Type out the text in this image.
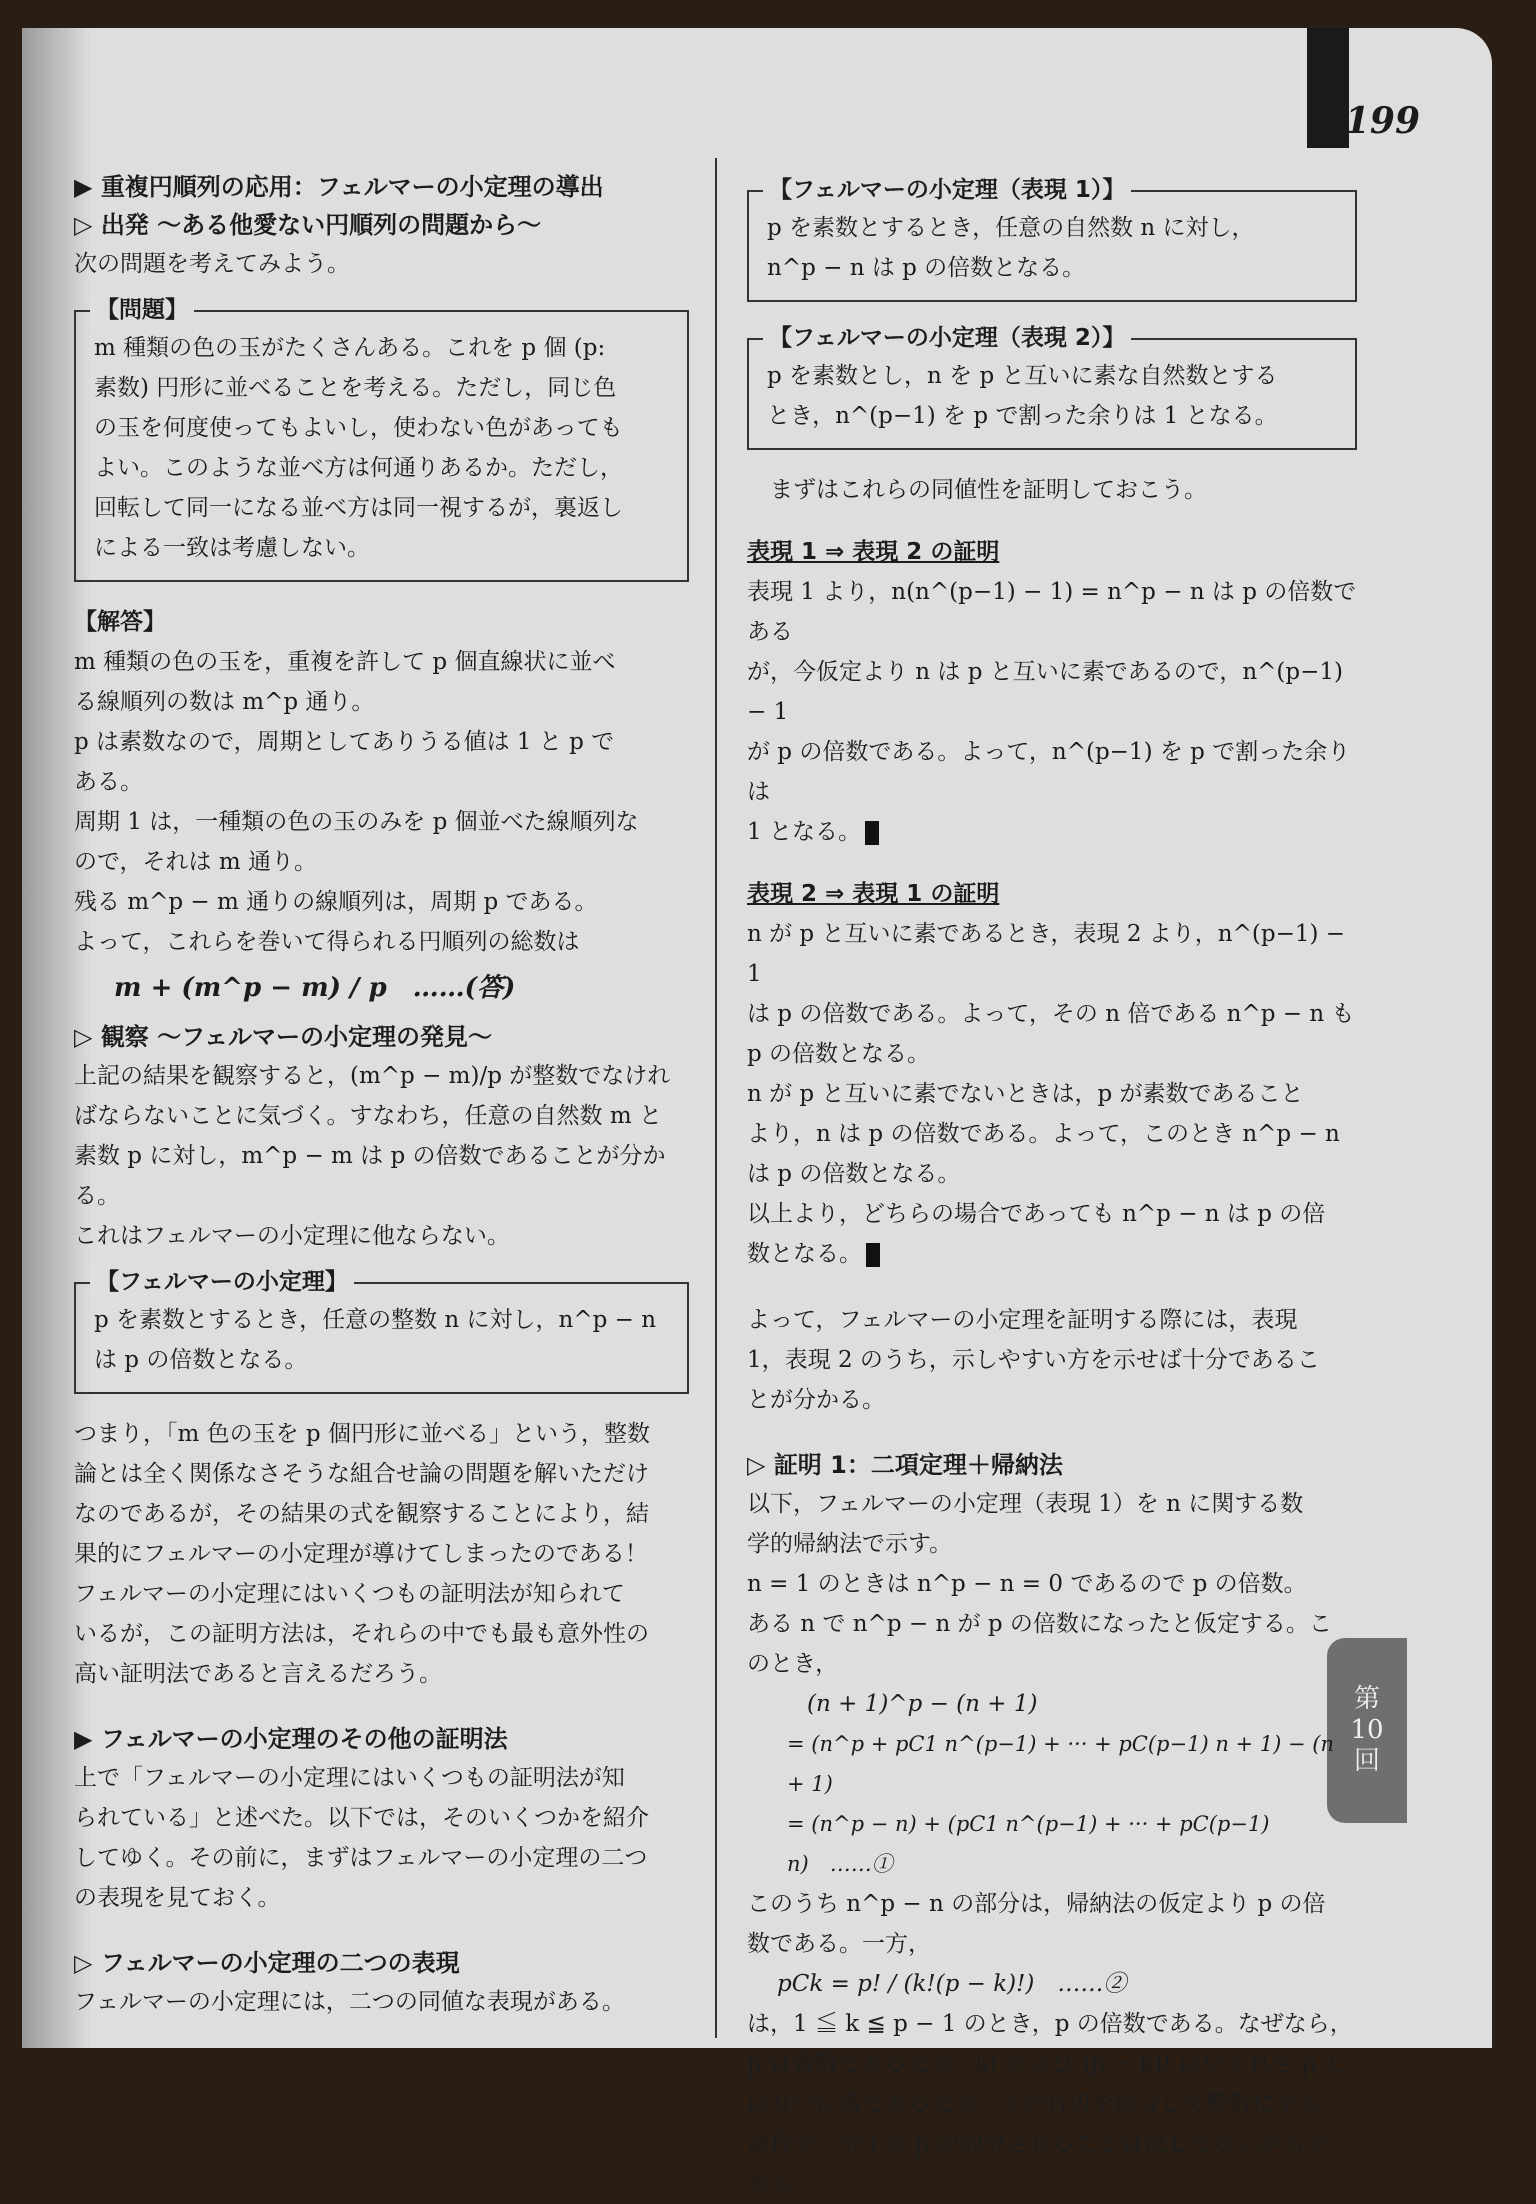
199
第
10
回

▶ 重複円順列の応用：フェルマーの小定理の導出

▷ 出発 ～ある他愛ない円順列の問題から～

次の問題を考えてみよう。

【問題】

m 種類の色の玉がたくさんある。これを p 個 (p:

素数) 円形に並べることを考える。ただし，同じ色

の玉を何度使ってもよいし，使わない色があっても

よい。このような並べ方は何通りあるか。ただし，

回転して同一になる並べ方は同一視するが，裏返し

による一致は考慮しない。

【解答】

m 種類の色の玉を，重複を許して p 個直線状に並べ

る線順列の数は m^p 通り。

p は素数なので，周期としてありうる値は 1 と p で

ある。

周期 1 は，一種類の色の玉のみを p 個並べた線順列な

ので，それは m 通り。

残る m^p − m 通りの線順列は，周期 p である。

よって，これらを巻いて得られる円順列の総数は

m + (m^p − m) / p　……(答)

▷ 観察 ～フェルマーの小定理の発見～

上記の結果を観察すると，(m^p − m)/p が整数でなけれ

ばならないことに気づく。すなわち，任意の自然数 m と

素数 p に対し，m^p − m は p の倍数であることが分かる。

これはフェルマーの小定理に他ならない。

【フェルマーの小定理】

p を素数とするとき，任意の整数 n に対し，n^p − n

は p の倍数となる。

つまり，「m 色の玉を p 個円形に並べる」という，整数

論とは全く関係なさそうな組合せ論の問題を解いただけ

なのであるが，その結果の式を観察することにより，結

果的にフェルマーの小定理が導けてしまったのである！

フェルマーの小定理にはいくつもの証明法が知られて

いるが，この証明方法は，それらの中でも最も意外性の

高い証明法であると言えるだろう。

▶ フェルマーの小定理のその他の証明法

上で「フェルマーの小定理にはいくつもの証明法が知

られている」と述べた。以下では，そのいくつかを紹介

してゆく。その前に，まずはフェルマーの小定理の二つ

の表現を見ておく。

▷ フェルマーの小定理の二つの表現

フェルマーの小定理には，二つの同値な表現がある。

【フェルマーの小定理（表現 1）】

p を素数とするとき，任意の自然数 n に対し，

n^p − n は p の倍数となる。

【フェルマーの小定理（表現 2）】

p を素数とし，n を p と互いに素な自然数とする

とき，n^(p−1) を p で割った余りは 1 となる。

まずはこれらの同値性を証明しておこう。

表現 1 ⇒ 表現 2 の証明

表現 1 より，n(n^(p−1) − 1) = n^p − n は p の倍数である

が，今仮定より n は p と互いに素であるので，n^(p−1) − 1

が p の倍数である。よって，n^(p−1) を p で割った余りは

1 となる。

表現 2 ⇒ 表現 1 の証明

n が p と互いに素であるとき，表現 2 より，n^(p−1) − 1

は p の倍数である。よって，その n 倍である n^p − n も

p の倍数となる。

n が p と互いに素でないときは，p が素数であること

より，n は p の倍数である。よって，このとき n^p − n

は p の倍数となる。

以上より，どちらの場合であっても n^p − n は p の倍

数となる。

よって，フェルマーの小定理を証明する際には，表現

1，表現 2 のうち，示しやすい方を示せば十分であるこ

とが分かる。

▷ 証明 1：二項定理＋帰納法

以下，フェルマーの小定理（表現 1）を n に関する数

学的帰納法で示す。

n = 1 のときは n^p − n = 0 であるので p の倍数。

ある n で n^p − n が p の倍数になったと仮定する。こ

のとき，

(n + 1)^p − (n + 1)

= (n^p + pC1 n^(p−1) + ··· + pC(p−1) n + 1) − (n + 1)

= (n^p − n) + (pC1 n^(p−1) + ··· + pC(p−1) n)　……①

このうち n^p − n の部分は，帰納法の仮定より p の倍

数である。一方，

pCk = p! / (k!(p − k)!)　……②

は，1 ≦ k ≦ p − 1 のとき，p の倍数である。なぜなら，

p は素数であるため，k! および (p − k)! はいずれも p と

は互いに素であるため，②の右辺を約分して整数にする

過程で，分子の p が約分されることは決してないからで

ある。
